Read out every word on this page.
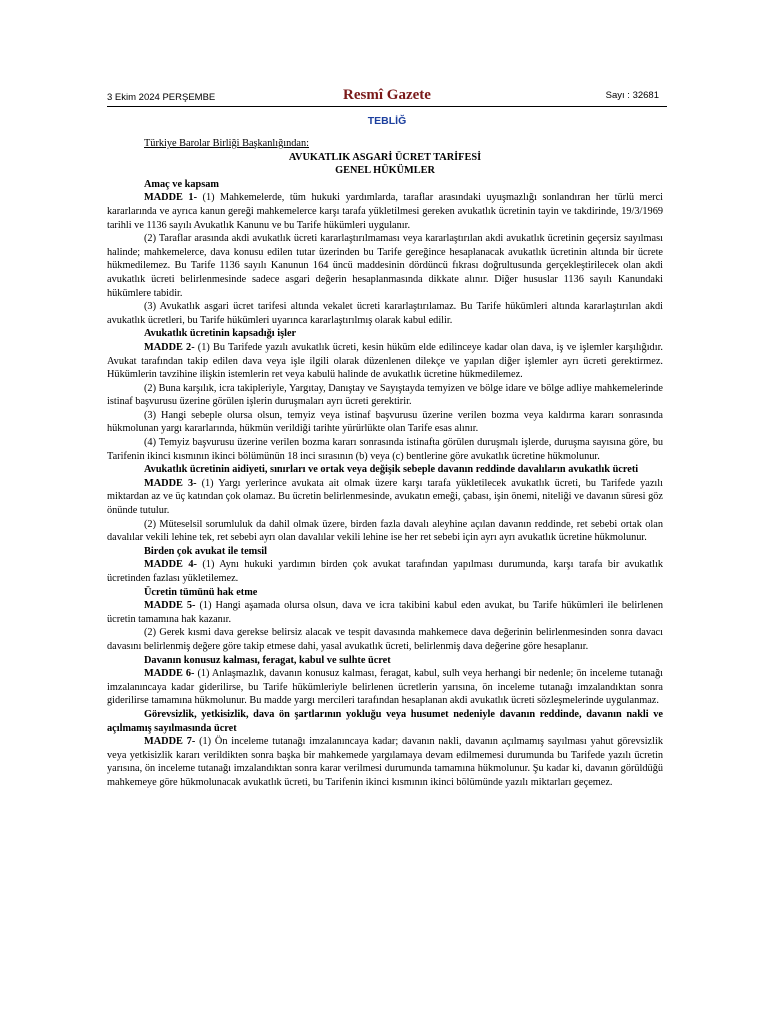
3 Ekim 2024 PERŞEMBE	Resmî Gazete	Sayı : 32681
TEBLİĞ

Türkiye Barolar Birliği Başkanlığından:

AVUKATLIK ASGARİ ÜCRET TARİFESİ

GENEL HÜKÜMLER

Amaç ve kapsam

MADDE 1- (1) Mahkemelerde, tüm hukuki yardımlarda, taraflar arasındaki uyuşmazlığı sonlandıran her türlü merci kararlarında ve ayrıca kanun gereği mahkemelerce karşı tarafa yükletilmesi gereken avukatlık ücretinin tayin ve takdirinde, 19/3/1969 tarihli ve 1136 sayılı Avukatlık Kanunu ve bu Tarife hükümleri uygulanır.

(2) Taraflar arasında akdi avukatlık ücreti kararlaştırılmaması veya kararlaştırılan akdi avukatlık ücretinin geçersiz sayılması halinde; mahkemelerce, dava konusu edilen tutar üzerinden bu Tarife gereğince hesaplanacak avukatlık ücretinin altında bir ücrete hükmedilemez. Bu Tarife 1136 sayılı Kanunun 164 üncü maddesinin dördüncü fıkrası doğrultusunda gerçekleştirilecek olan akdi avukatlık ücreti belirlenmesinde sadece asgari değerin hesaplanmasında dikkate alınır. Diğer hususlar 1136 sayılı Kanundaki hükümlere tabidir.

(3) Avukatlık asgari ücret tarifesi altında vekalet ücreti kararlaştırılamaz. Bu Tarife hükümleri altında kararlaştırılan akdi avukatlık ücretleri, bu Tarife hükümleri uyarınca kararlaştırılmış olarak kabul edilir.

Avukatlık ücretinin kapsadığı işler

MADDE 2- (1) Bu Tarifede yazılı avukatlık ücreti, kesin hüküm elde edilinceye kadar olan dava, iş ve işlemler karşılığıdır. Avukat tarafından takip edilen dava veya işle ilgili olarak düzenlenen dilekçe ve yapılan diğer işlemler ayrı ücreti gerektirmez. Hükümlerin tavzihine ilişkin istemlerin ret veya kabulü halinde de avukatlık ücretine hükmedilemez.

(2) Buna karşılık, icra takipleriyle, Yargıtay, Danıştay ve Sayıştayda temyizen ve bölge idare ve bölge adliye mahkemelerinde istinaf başvurusu üzerine görülen işlerin duruşmaları ayrı ücreti gerektirir.

(3) Hangi sebeple olursa olsun, temyiz veya istinaf başvurusu üzerine verilen bozma veya kaldırma kararı sonrasında hükmolunan yargı kararlarında, hükmün verildiği tarihte yürürlükte olan Tarife esas alınır.

(4) Temyiz başvurusu üzerine verilen bozma kararı sonrasında istinafta görülen duruşmalı işlerde, duruşma sayısına göre, bu Tarifenin ikinci kısmının ikinci bölümünün 18 inci sırasının (b) veya (c) bentlerine göre avukatlık ücretine hükmolunur.

Avukatlık ücretinin aidiyeti, sınırları ve ortak veya değişik sebeple davanın reddinde davalıların avukatlık ücreti

MADDE 3- (1) Yargı yerlerince avukata ait olmak üzere karşı tarafa yükletilecek avukatlık ücreti, bu Tarifede yazılı miktardan az ve üç katından çok olamaz. Bu ücretin belirlenmesinde, avukatın emeği, çabası, işin önemi, niteliği ve davanın süresi göz önünde tutulur.

(2) Müteselsil sorumluluk da dahil olmak üzere, birden fazla davalı aleyhine açılan davanın reddinde, ret sebebi ortak olan davalılar vekili lehine tek, ret sebebi ayrı olan davalılar vekili lehine ise her ret sebebi için ayrı ayrı avukatlık ücretine hükmolunur.

Birden çok avukat ile temsil

MADDE 4- (1) Aynı hukuki yardımın birden çok avukat tarafından yapılması durumunda, karşı tarafa bir avukatlık ücretinden fazlası yükletilemez.

Ücretin tümünü hak etme

MADDE 5- (1) Hangi aşamada olursa olsun, dava ve icra takibini kabul eden avukat, bu Tarife hükümleri ile belirlenen ücretin tamamına hak kazanır.

(2) Gerek kısmi dava gerekse belirsiz alacak ve tespit davasında mahkemece dava değerinin belirlenmesinden sonra davacı davasını belirlenmiş değere göre takip etmese dahi, yasal avukatlık ücreti, belirlenmiş dava değerine göre hesaplanır.

Davanın konusuz kalması, feragat, kabul ve sulhte ücret

MADDE 6- (1) Anlaşmazlık, davanın konusuz kalması, feragat, kabul, sulh veya herhangi bir nedenle; ön inceleme tutanağı imzalanıncaya kadar giderilirse, bu Tarife hükümleriyle belirlenen ücretlerin yarısına, ön inceleme tutanağı imzalandıktan sonra giderilirse tamamına hükmolunur. Bu madde yargı mercileri tarafından hesaplanan akdi avukatlık ücreti sözleşmelerinde uygulanmaz.

Görevsizlik, yetkisizlik, dava ön şartlarının yokluğu veya husumet nedeniyle davanın reddinde, davanın nakli ve açılmamış sayılmasında ücret

MADDE 7- (1) Ön inceleme tutanağı imzalanıncaya kadar; davanın nakli, davanın açılmamış sayılması yahut görevsizlik veya yetkisizlik kararı verildikten sonra başka bir mahkemede yargılamaya devam edilmemesi durumunda bu Tarifede yazılı ücretin yarısına, ön inceleme tutanağı imzalandıktan sonra karar verilmesi durumunda tamamına hükmolunur. Şu kadar ki, davanın görüldüğü mahkemeye göre hükmolunacak avukatlık ücreti, bu Tarifenin ikinci kısmının ikinci bölümünde yazılı miktarları geçemez.
